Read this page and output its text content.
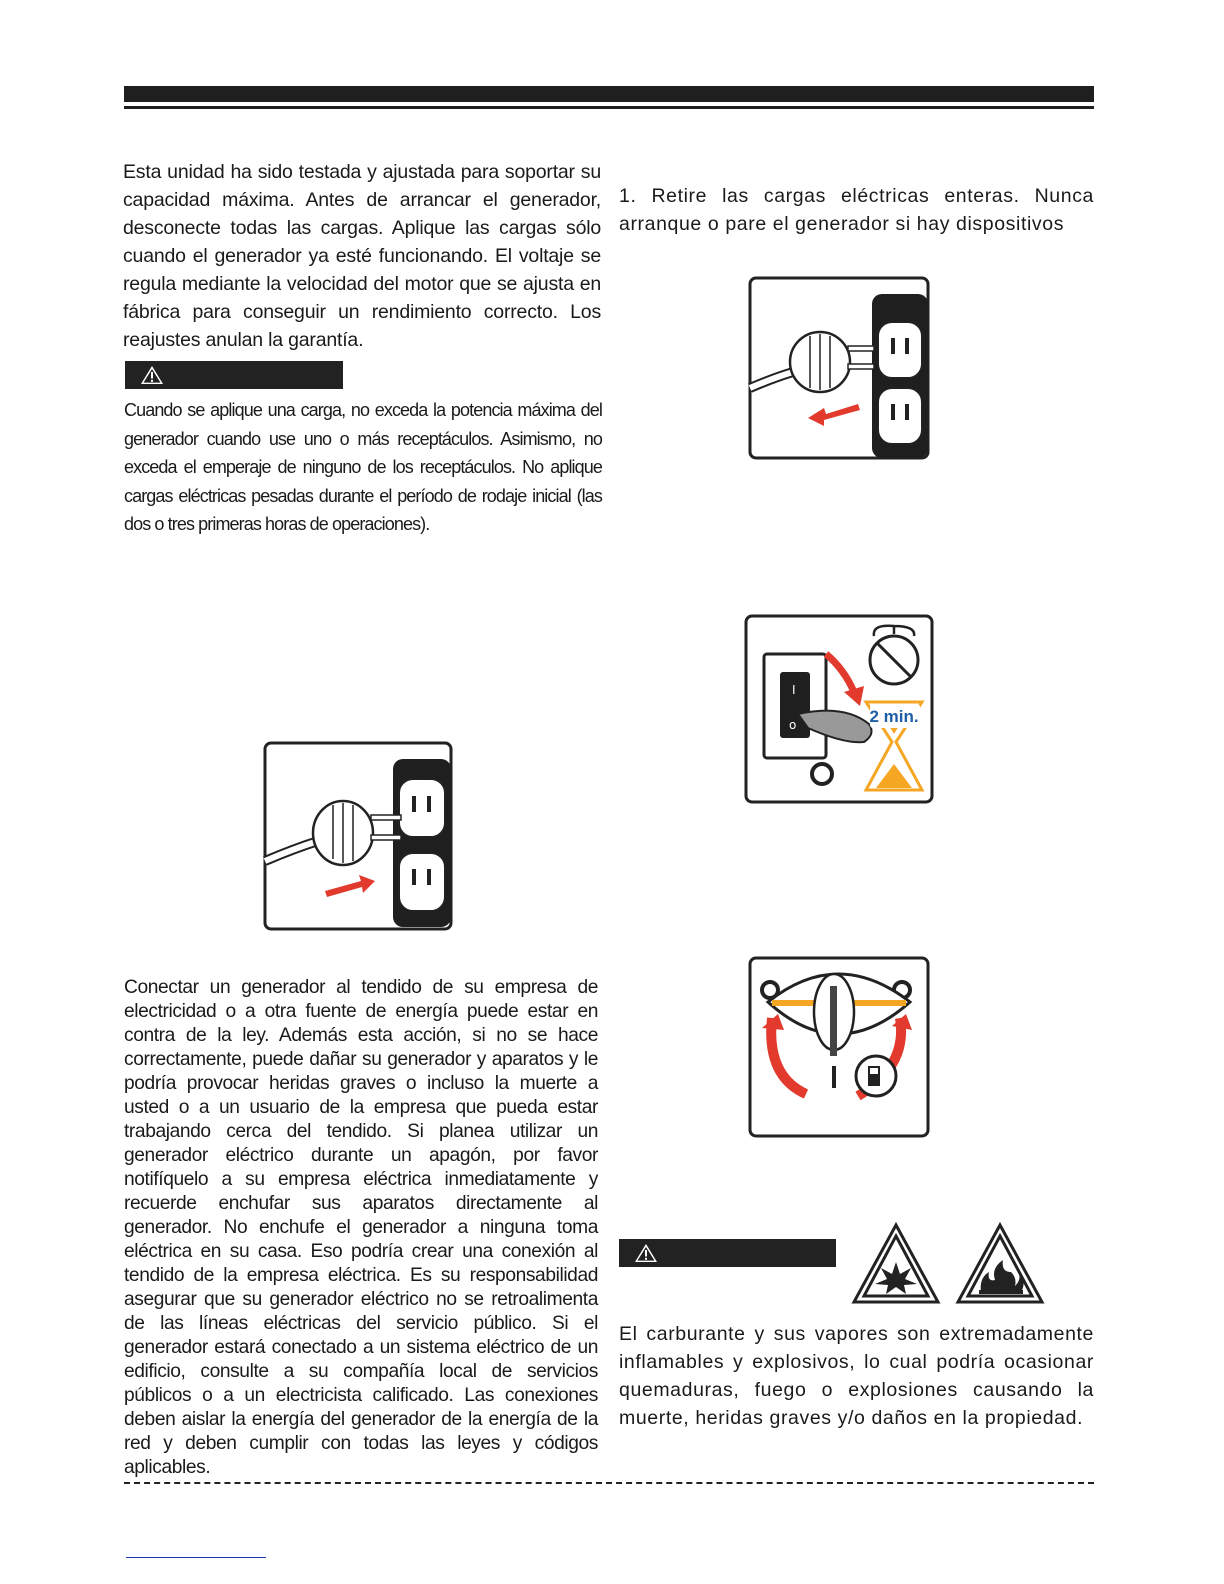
Esta unidad ha sido testada y ajustada para soportar su capacidad máxima. Antes de arrancar el generador, desconecte todas las cargas. Aplique las cargas sólo cuando el generador ya esté funcionando. El voltaje se regula mediante la velocidad del motor que se ajusta en fábrica para conseguir un rendimiento correcto. Los reajustes anulan la garantía.
Cuando se aplique una carga, no exceda la potencia máxima del generador cuando use uno o más receptáculos. Asimismo, no exceda el emperaje de ninguno de los receptáculos. No aplique cargas eléctricas pesadas durante el período de rodaje inicial (las dos o tres primeras horas de operaciones).
Conectar un generador al tendido de su empresa de electricidad o a otra fuente de energía puede estar en contra de la ley. Además esta acción, si no se hace correctamente, puede dañar su generador y aparatos y le podría provocar heridas graves o incluso la muerte a usted o a un usuario de la empresa que pueda estar trabajando cerca del tendido. Si planea utilizar un generador eléctrico durante un apagón, por favor notifíquelo a su empresa eléctrica inmediatamente y recuerde enchufar sus aparatos directamente al generador. No enchufe el generador a ninguna toma eléctrica en su casa. Eso podría crear una conexión al tendido de la empresa eléctrica. Es su responsabilidad asegurar que su generador eléctrico no se retroalimenta de las líneas eléctricas del servicio público. Si el generador estará conectado a un sistema eléctrico de un edificio, consulte a su compañía local de servicios públicos o a un electricista calificado. Las conexiones deben aislar la energía del generador de la energía de la red y deben cumplir con todas las leyes y códigos aplicables.
1. Retire las cargas eléctricas enteras. Nunca arranque o pare el generador si hay dispositivos
I
o	2 min.
El carburante y sus vapores son extremadamente inflamables y explosivos, lo cual podría ocasionar quemaduras, fuego o explosiones causando la muerte, heridas graves y/o daños en la propiedad.
